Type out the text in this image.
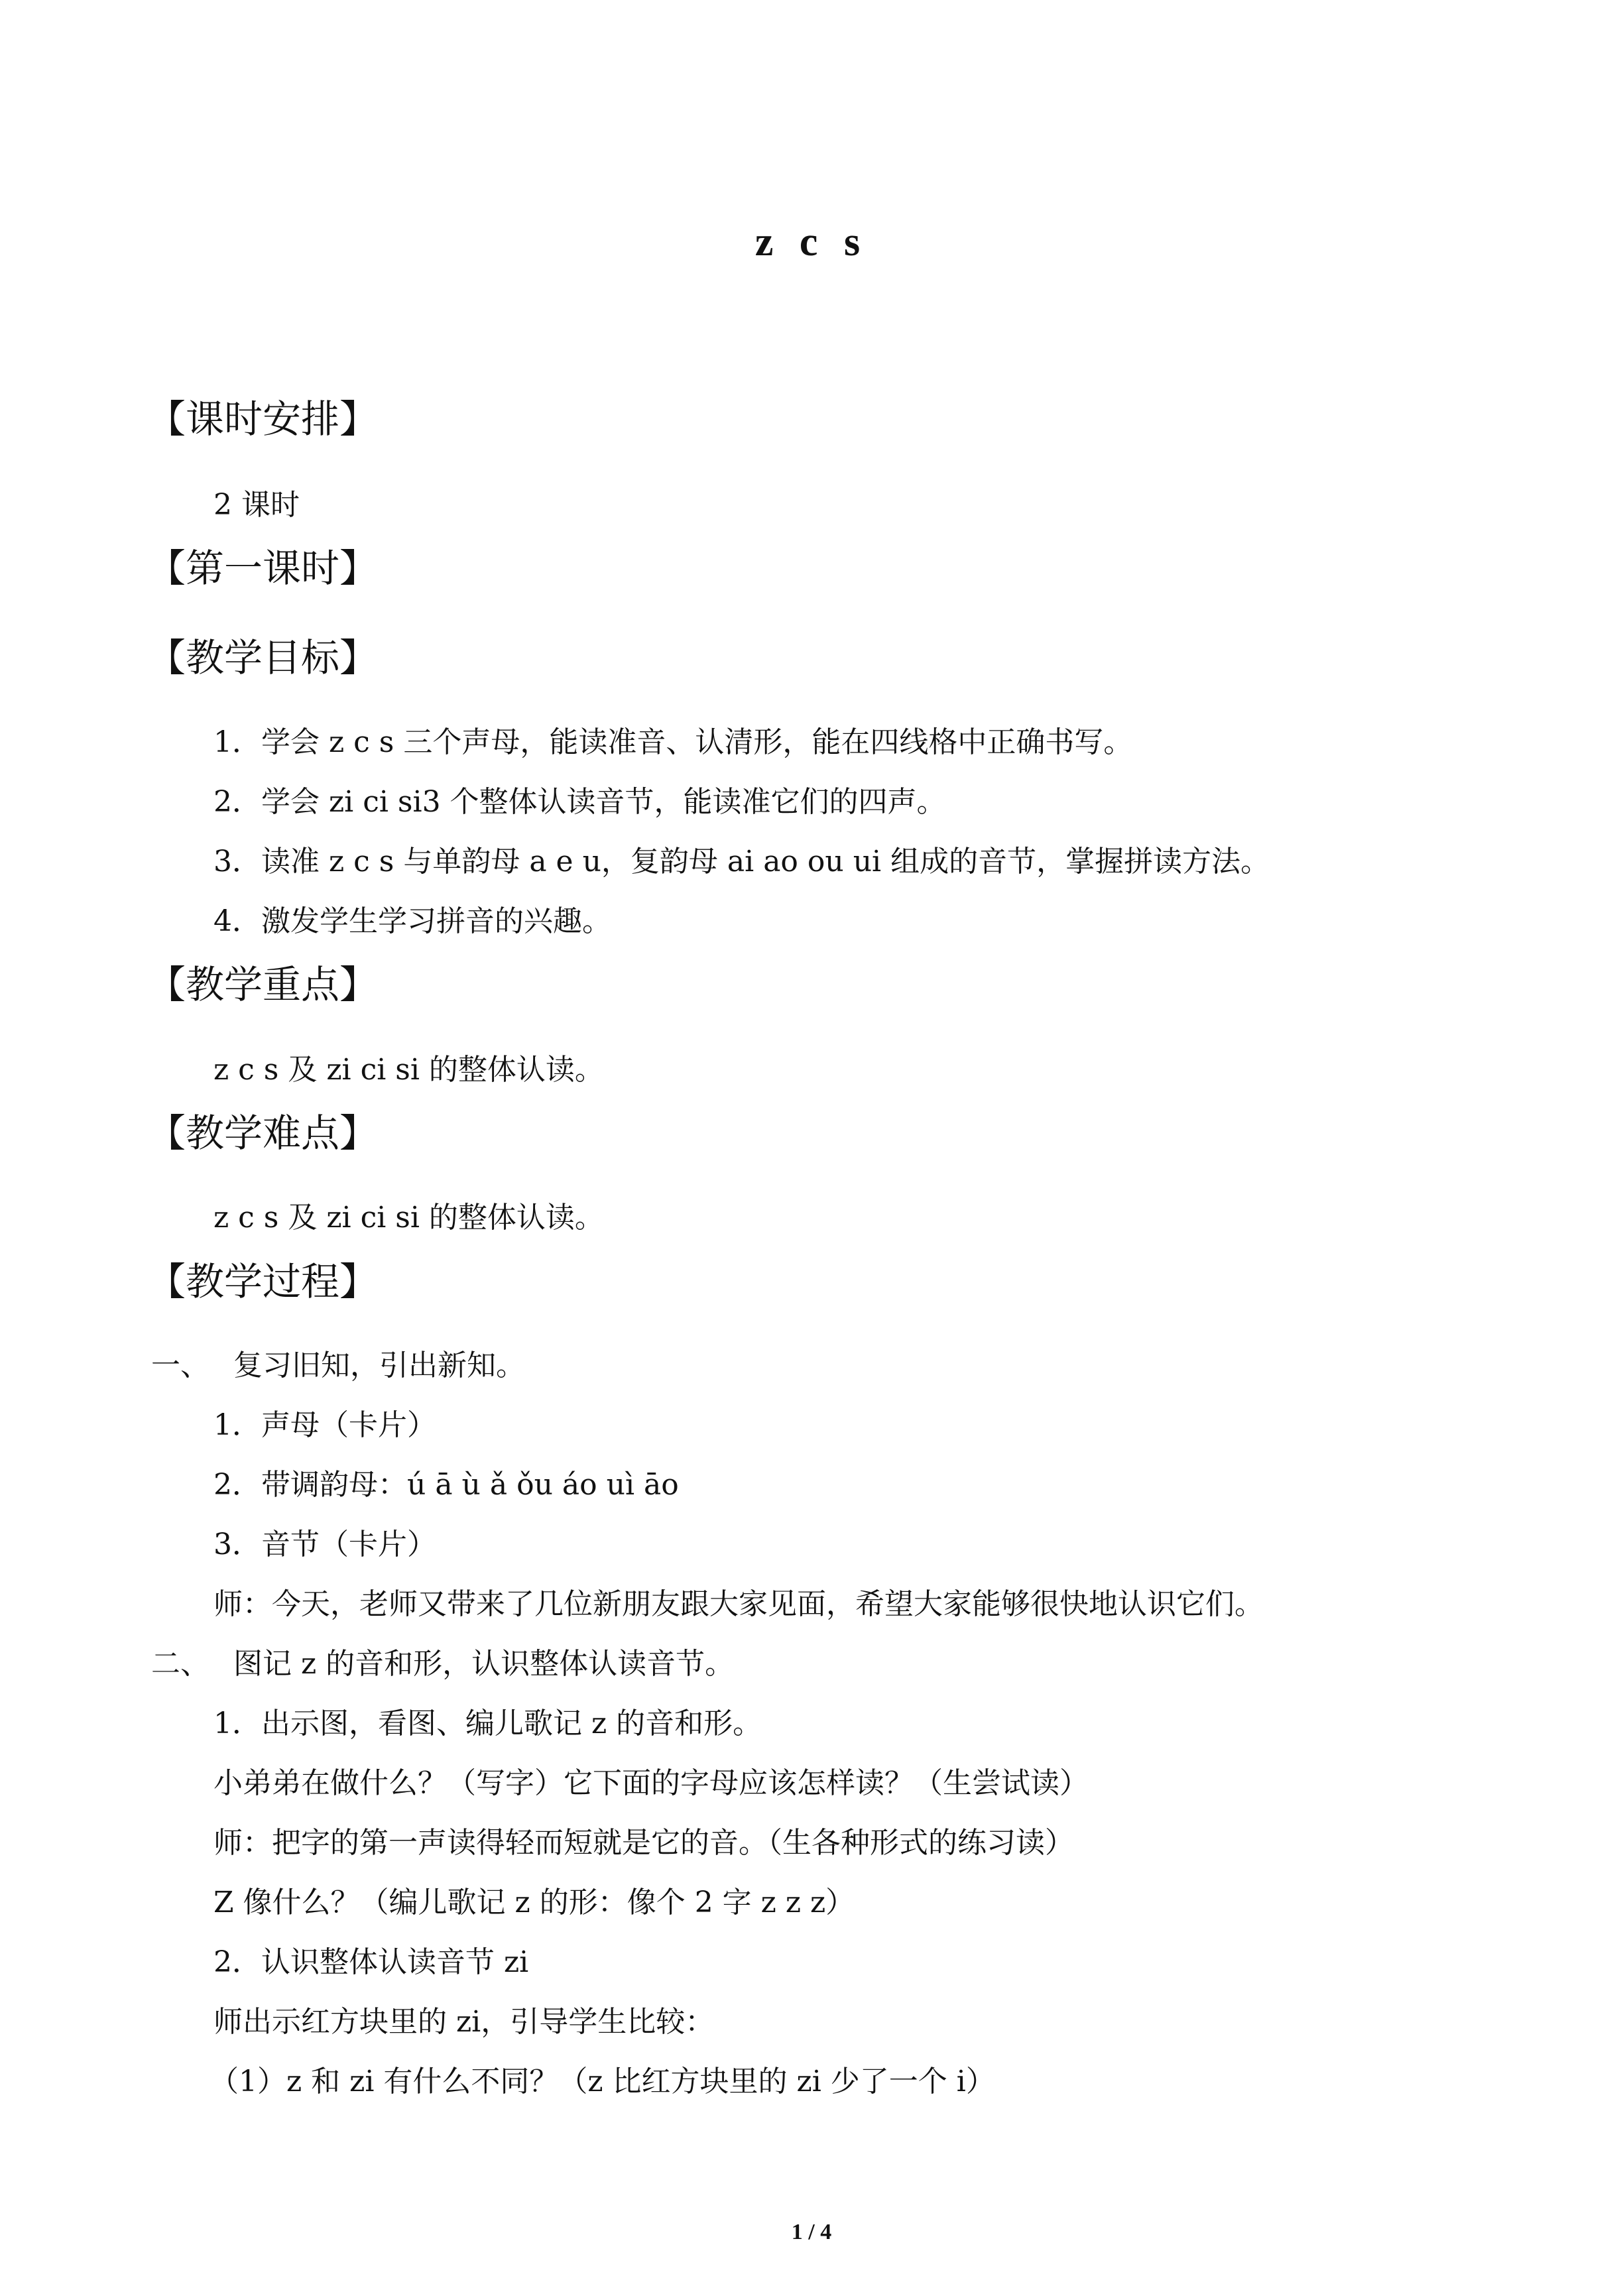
z c s
【课时安排】
2 课时
【第一课时】
【教学目标】
1．学会 z c s 三个声母，能读准音、认清形，能在四线格中正确书写。
2．学会 zi ci si3 个整体认读音节，能读准它们的四声。
3．读准 z c s 与单韵母 a e u，复韵母 ai ao ou ui 组成的音节，掌握拼读方法。
4．激发学生学习拼音的兴趣。
【教学重点】
z c s 及 zi ci si 的整体认读。
【教学难点】
z c s 及 zi ci si 的整体认读。
【教学过程】
一、 复习旧知，引出新知。
1．声母（卡片）
2．带调韵母：ú ā ù ǎ ǒu áo uì āo
3．音节（卡片）
师：今天，老师又带来了几位新朋友跟大家见面，希望大家能够很快地认识它们。
二、 图记 z 的音和形，认识整体认读音节。
1．出示图，看图、编儿歌记 z 的音和形。
小弟弟在做什么？（写字）它下面的字母应该怎样读？（生尝试读）
师：把字的第一声读得轻而短就是它的音。（生各种形式的练习读）
Z 像什么？（编儿歌记 z 的形：像个 2 字 z z z）
2．认识整体认读音节 zi
师出示红方块里的 zi，引导学生比较：
（1）z 和 zi 有什么不同？（z 比红方块里的 zi 少了一个 i）
1 / 4
